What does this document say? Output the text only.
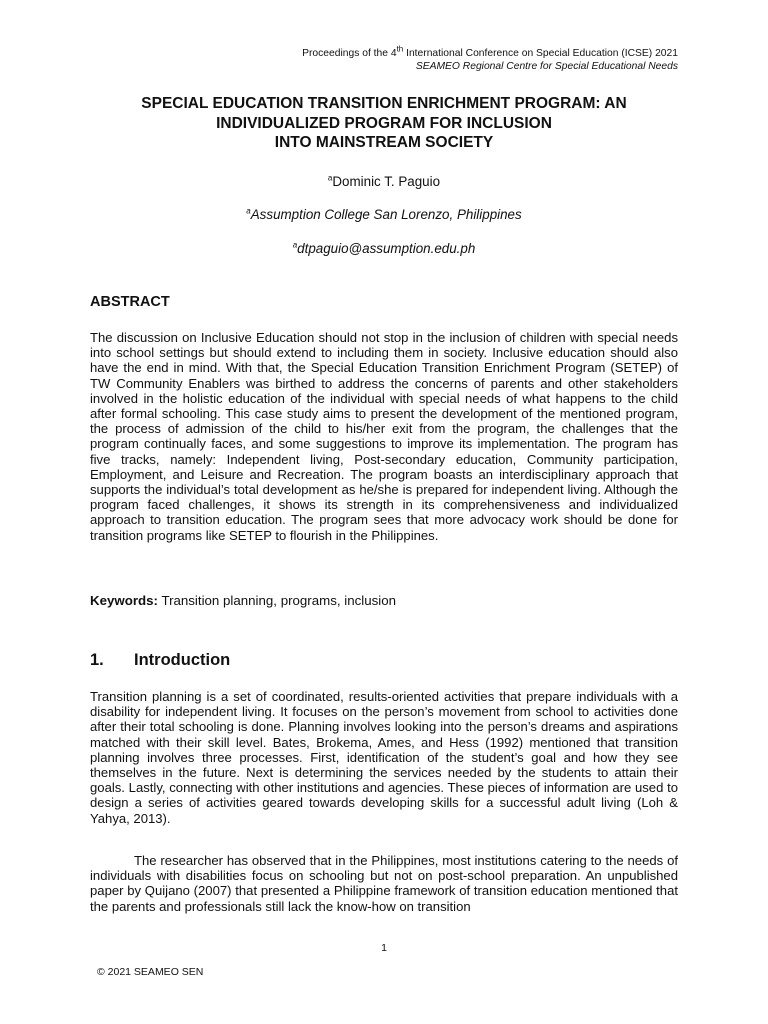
Proceedings of the 4th International Conference on Special Education (ICSE) 2021
SEAMEO Regional Centre for Special Educational Needs
SPECIAL EDUCATION TRANSITION ENRICHMENT PROGRAM: AN
INDIVIDUALIZED PROGRAM FOR INCLUSION
INTO MAINSTREAM SOCIETY
$^a$Dominic T. Paguio
$^a$Assumption College San Lorenzo, Philippines
$^a$dtpaguio@assumption.edu.ph
ABSTRACT
The discussion on Inclusive Education should not stop in the inclusion of children with special needs into school settings but should extend to including them in society. Inclusive education should also have the end in mind. With that, the Special Education Transition Enrichment Program (SETEP) of TW Community Enablers was birthed to address the concerns of parents and other stakeholders involved in the holistic education of the individual with special needs of what happens to the child after formal schooling. This case study aims to present the development of the mentioned program, the process of admission of the child to his/her exit from the program, the challenges that the program continually faces, and some suggestions to improve its implementation. The program has five tracks, namely: Independent living, Post-secondary education, Community participation, Employment, and Leisure and Recreation. The program boasts an interdisciplinary approach that supports the individual’s total development as he/she is prepared for independent living. Although the program faced challenges, it shows its strength in its comprehensiveness and individualized approach to transition education. The program sees that more advocacy work should be done for transition programs like SETEP to flourish in the Philippines.
Keywords: Transition planning, programs, inclusion
1. Introduction
Transition planning is a set of coordinated, results-oriented activities that prepare individuals with a disability for independent living. It focuses on the person’s movement from school to activities done after their total schooling is done. Planning involves looking into the person’s dreams and aspirations matched with their skill level. Bates, Brokema, Ames, and Hess (1992) mentioned that transition planning involves three processes. First, identification of the student’s goal and how they see themselves in the future. Next is determining the services needed by the students to attain their goals. Lastly, connecting with other institutions and agencies. These pieces of information are used to design a series of activities geared towards developing skills for a successful adult living (Loh & Yahya, 2013).
The researcher has observed that in the Philippines, most institutions catering to the needs of individuals with disabilities focus on schooling but not on post-school preparation. An unpublished paper by Quijano (2007) that presented a Philippine framework of transition education mentioned that the parents and professionals still lack the know-how on transition
1
© 2021 SEAMEO SEN
